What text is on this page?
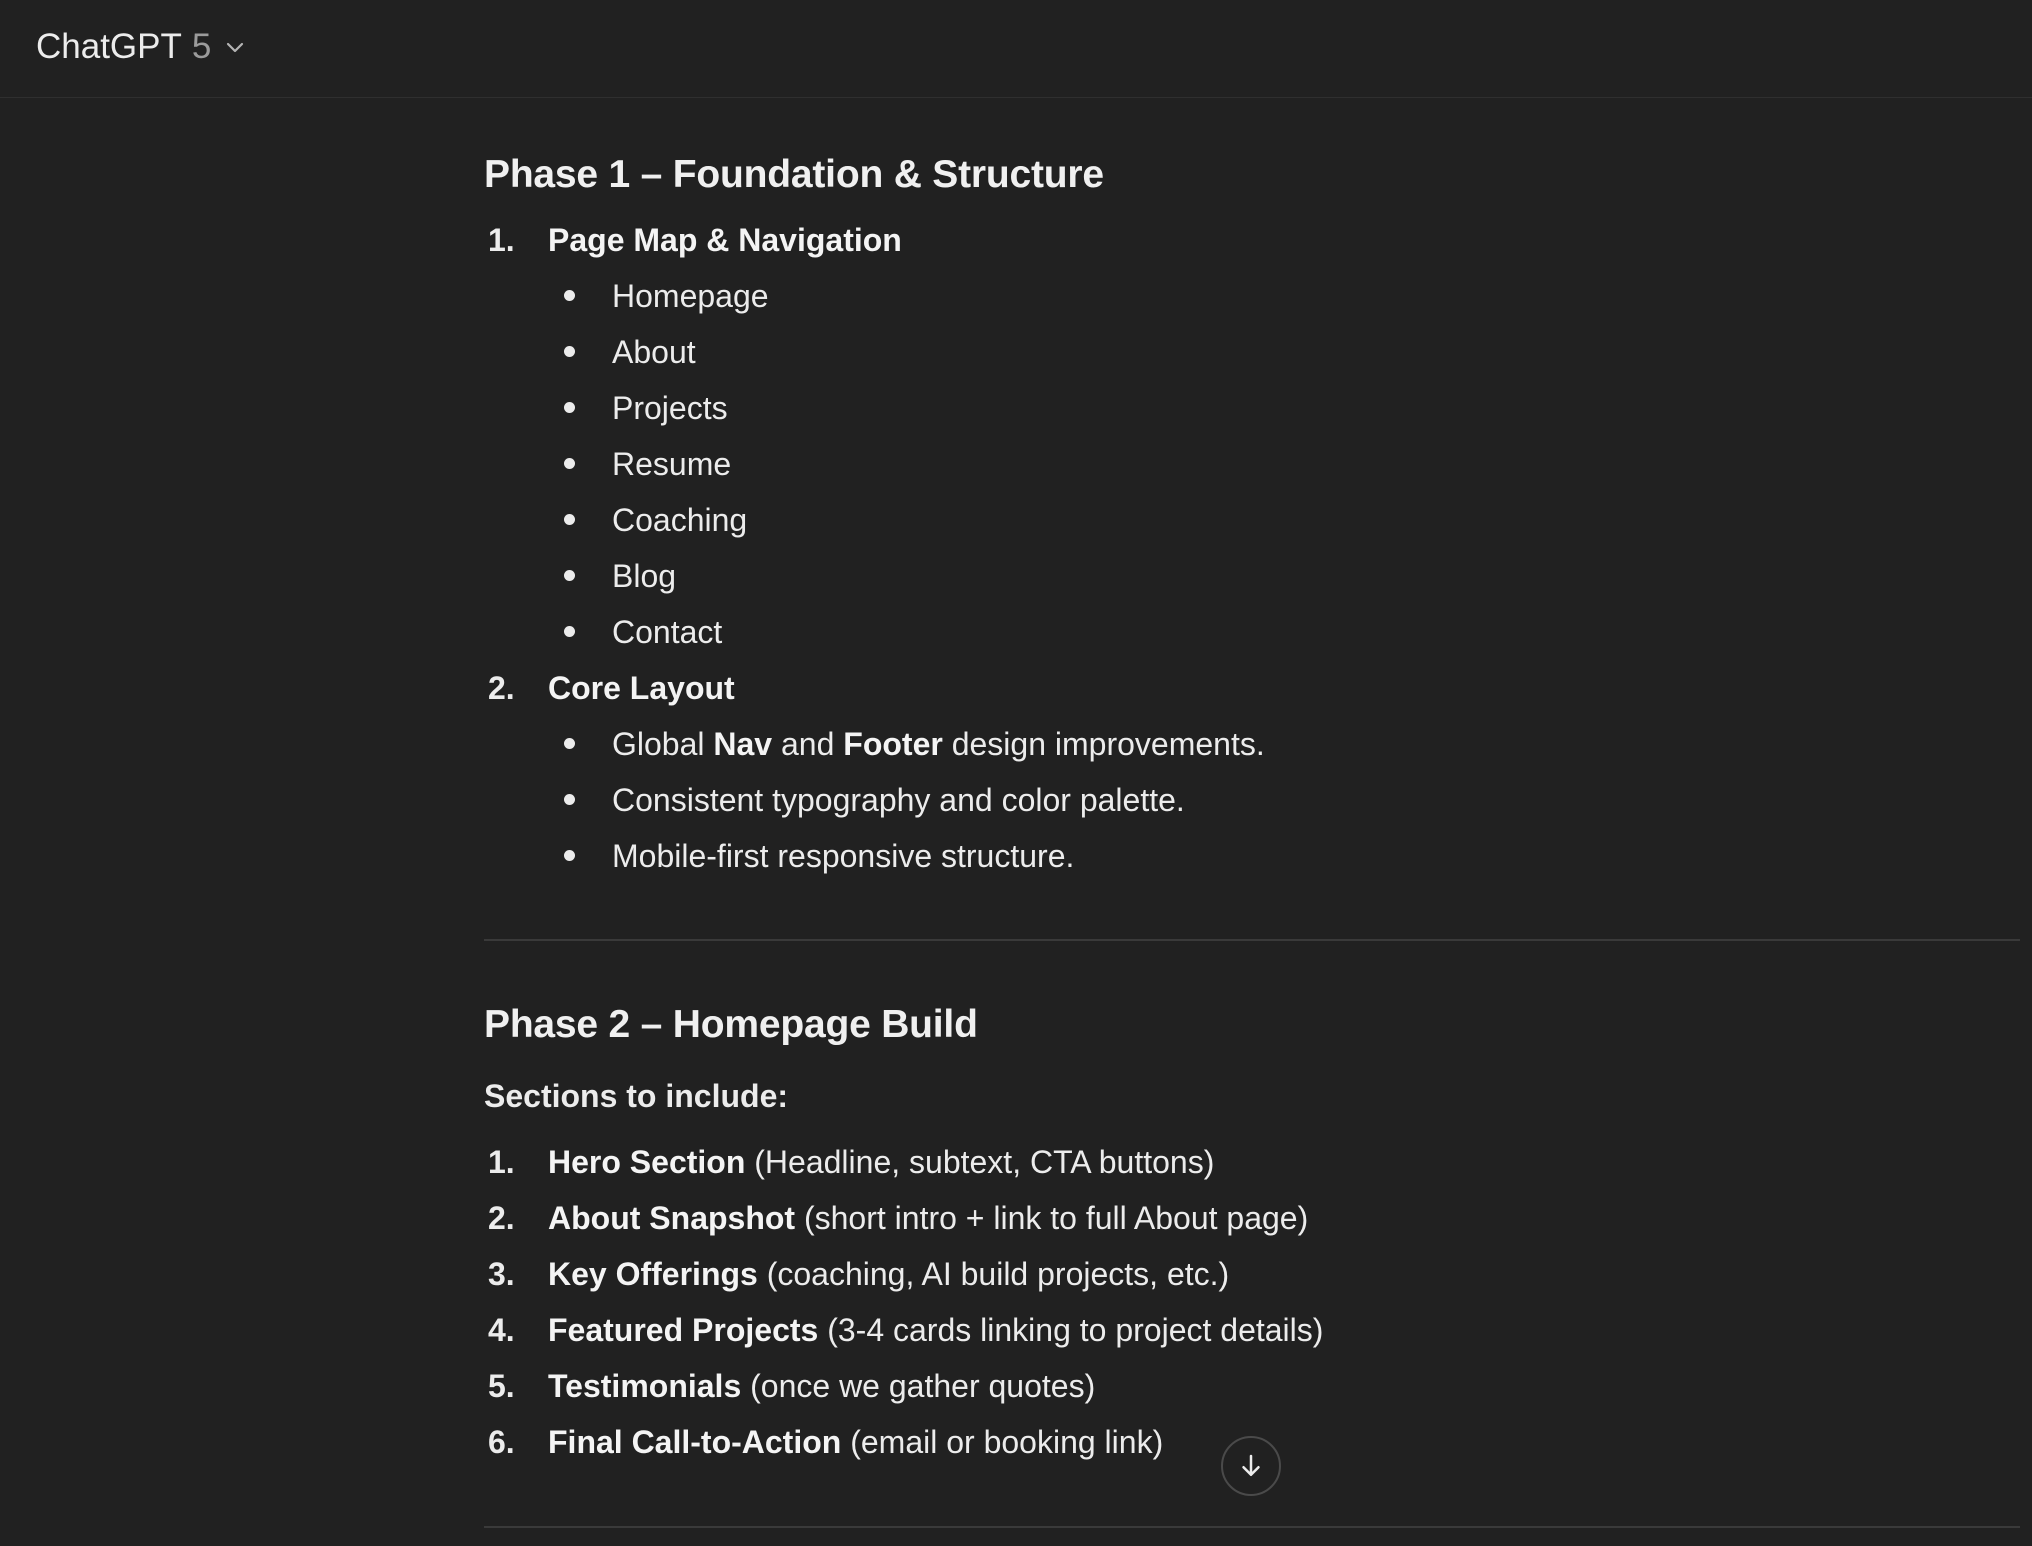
ChatGPT 5
Phase 1 – Foundation & Structure
1.	Page Map & Navigation
Homepage
About
Projects
Resume
Coaching
Blog
Contact
2.	Core Layout
Global Nav and Footer design improvements.
Consistent typography and color palette.
Mobile-first responsive structure.
Phase 2 – Homepage Build
Sections to include:
1.	Hero Section (Headline, subtext, CTA buttons)
2.	About Snapshot (short intro + link to full About page)
3.	Key Offerings (coaching, AI build projects, etc.)
4.	Featured Projects (3-4 cards linking to project details)
5.	Testimonials (once we gather quotes)
6.	Final Call-to-Action (email or booking link)
